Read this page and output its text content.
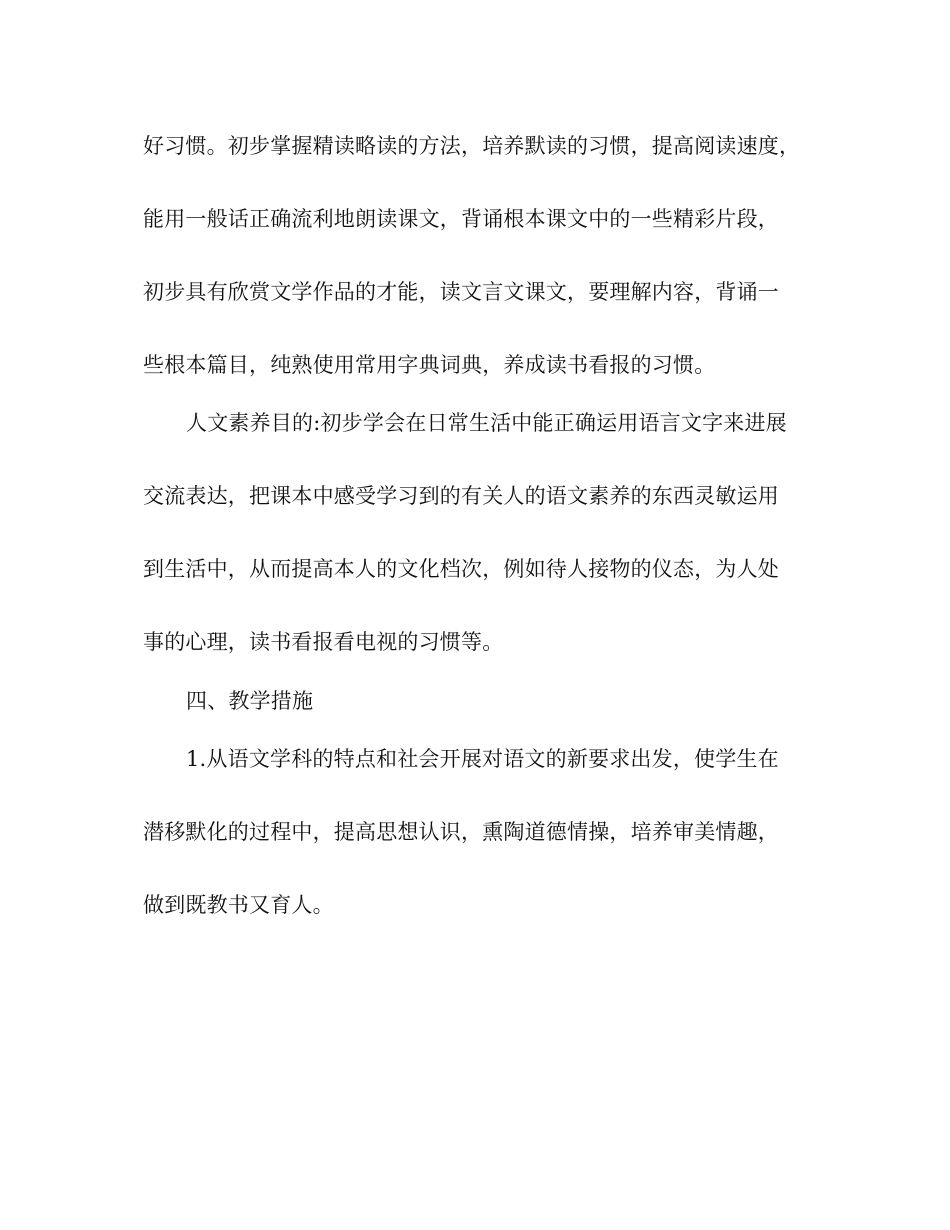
好习惯。初步掌握精读略读的方法，培养默读的习惯，提高阅读速度，
能用一般话正确流利地朗读课文，背诵根本课文中的一些精彩片段，
初步具有欣赏文学作品的才能，读文言文课文，要理解内容，背诵一
些根本篇目，纯熟使用常用字典词典，养成读书看报的习惯。
人文素养目的:初步学会在日常生活中能正确运用语言文字来进展
交流表达，把课本中感受学习到的有关人的语文素养的东西灵敏运用
到生活中，从而提高本人的文化档次，例如待人接物的仪态，为人处
事的心理，读书看报看电视的习惯等。
四、教学措施
1.从语文学科的特点和社会开展对语文的新要求出发，使学生在
潜移默化的过程中，提高思想认识，熏陶道德情操，培养审美情趣，
做到既教书又育人。
